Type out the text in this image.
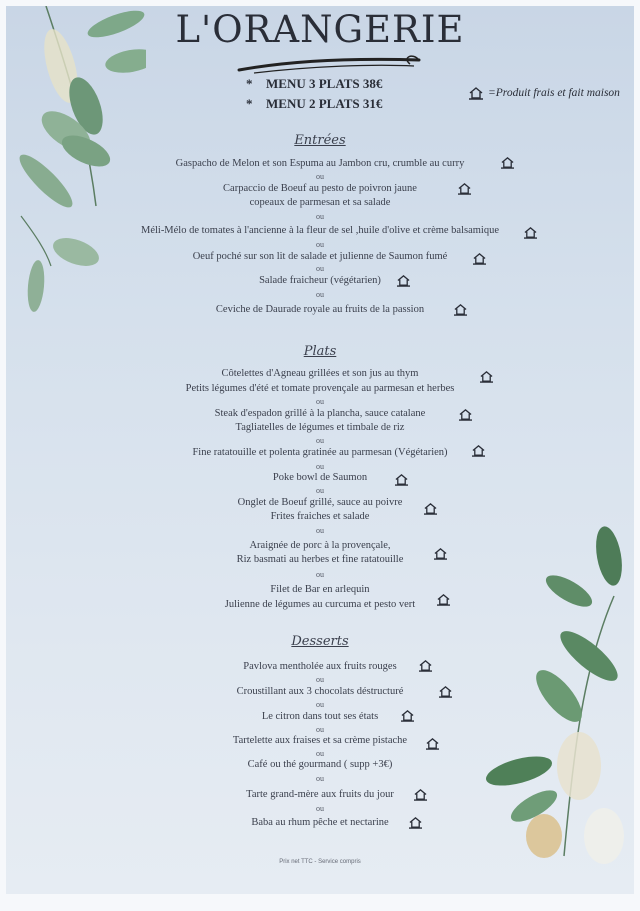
L'ORANGERIE
* MENU 3 PLATS 38€
* MENU 2 PLATS 31€
=Produit frais et fait maison
Entrées
Gaspacho de Melon et son Espuma au Jambon cru, crumble au curry
ou
Carpaccio de Boeuf au pesto de poivron jaune
copeaux de parmesan et sa salade
ou
Méli-Mélo de tomates à l'ancienne à la fleur de sel ,huile d'olive et crème balsamique
ou
Oeuf poché sur son lit de salade et julienne de Saumon fumé
ou
Salade fraicheur (végétarien)
ou
Ceviche de Daurade royale au fruits de la passion
Plats
Côtelettes d'Agneau grillées et son jus au thym
Petits légumes d'été et tomate provençale au parmesan et herbes
ou
Steak d'espadon grillé à la plancha, sauce catalane
Tagliatelles de légumes et timbale de riz
ou
Fine ratatouille et polenta gratinée au parmesan (Végétarien)
ou
Poke bowl de Saumon
ou
Onglet de Boeuf grillé, sauce au poivre
Frites fraiches et salade
ou
Araignée de porc à la provençale,
Riz basmati au herbes et fine ratatouille
ou
Filet de Bar en arlequin
Julienne de légumes au curcuma et pesto vert
Desserts
Pavlova mentholée aux fruits rouges
ou
Croustillant aux 3 chocolats déstructuré
ou
Le citron dans tout ses états
ou
Tartelette aux fraises et sa crème pistache
ou
Café ou thé gourmand ( supp +3€)
ou
Tarte grand-mère aux fruits du jour
ou
Baba au rhum pêche et nectarine
Prix net TTC - Service compris
